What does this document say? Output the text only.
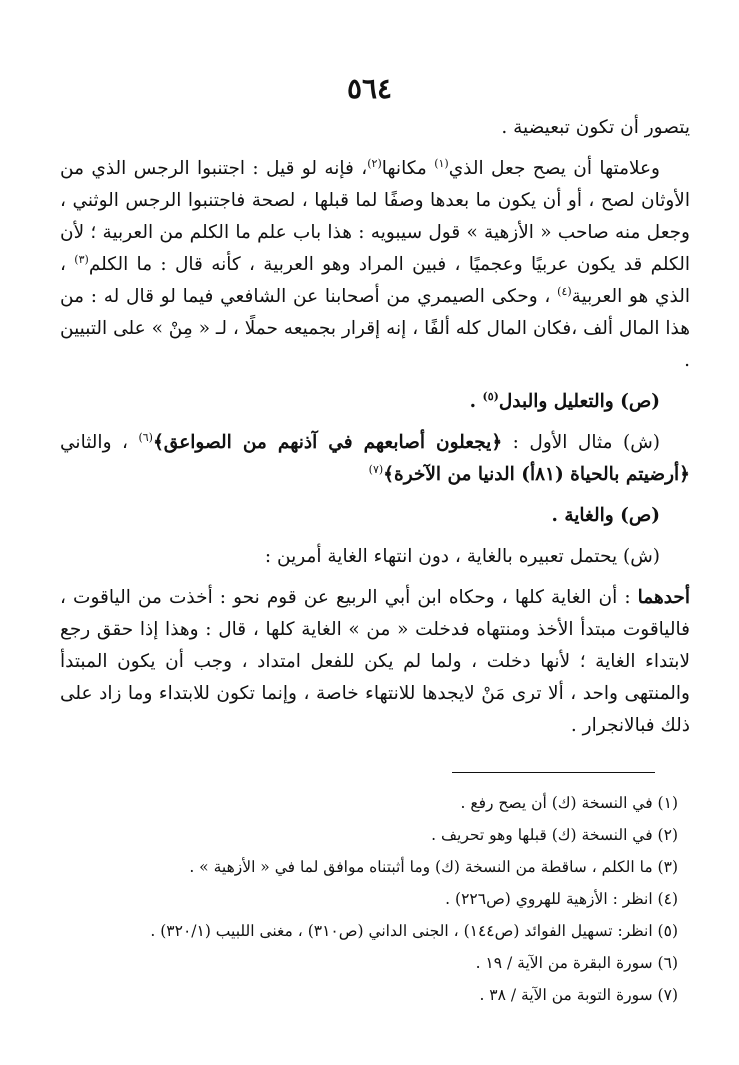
٥٦٤

يتصور أن تكون تبعيضية .

وعلامتها أن يصح جعل الذي$^{(١)}$ مكانها$^{(٢)}$، فإنه لو قيل : اجتنبوا الرجس الذي من الأوثان لصح ، أو أن يكون ما بعدها وصفًا لما قبلها ، لصحة فاجتنبوا الرجس الوثني ، وجعل منه صاحب « الأزهية » قول سيبويه : هذا باب علم ما الكلم من العربية ؛ لأن الكلم قد يكون عربيًا وعجميًا ، فبين المراد وهو العربية ، كأنه قال : ما الكلم$^{(٣)}$ ، الذي هو العربية$^{(٤)}$ ، وحكى الصيمري من أصحابنا عن الشافعي فيما لو قال له : من هذا المال ألف ،فكان المال كله ألفًا ، إنه إقرار بجميعه حملًا ، لـ « مِنْ » على التبيين .

(ص) والتعليل والبدل$^{(٥)}$ .

(ش) مثال الأول : ﴿يجعلون أصابعهم في آذنهم من الصواعق﴾$^{(٦)}$ ، والثاني ﴿أرضيتم بالحياة (٨١أ) الدنيا من الآخرة﴾$^{(٧)}$

(ص) والغاية .

(ش) يحتمل تعبيره بالغاية ، دون انتهاء الغاية أمرين :

أحدهما : أن الغاية كلها ، وحكاه ابن أبي الربيع عن قوم نحو : أخذت من الياقوت ، فالياقوت مبتدأ الأخذ ومنتهاه فدخلت « من » الغاية كلها ، قال : وهذا إذا حقق رجع لابتداء الغاية ؛ لأنها دخلت ، ولما لم يكن للفعل امتداد ، وجب أن يكون المبتدأ والمنتهى واحد ، ألا ترى مَنْ لايجدها للانتهاء خاصة ، وإنما تكون للابتداء وما زاد على ذلك فبالانجرار .

(١) في النسخة (ك) أن يصح رفع .

(٢) في النسخة (ك) قبلها وهو تحريف .

(٣) ما الكلم ، ساقطة من النسخة (ك) وما أثبتناه موافق لما في « الأزهية » .

(٤) انظر : الأزهية للهروي (ص٢٢٦) .

(٥) انظر: تسهيل الفوائد (ص١٤٤) ، الجنى الداني (ص٣١٠) ، مغنى اللبيب (٣٢٠/١) .

(٦) سورة البقرة من الآية / ١٩ .

(٧) سورة التوبة من الآية / ٣٨ .
